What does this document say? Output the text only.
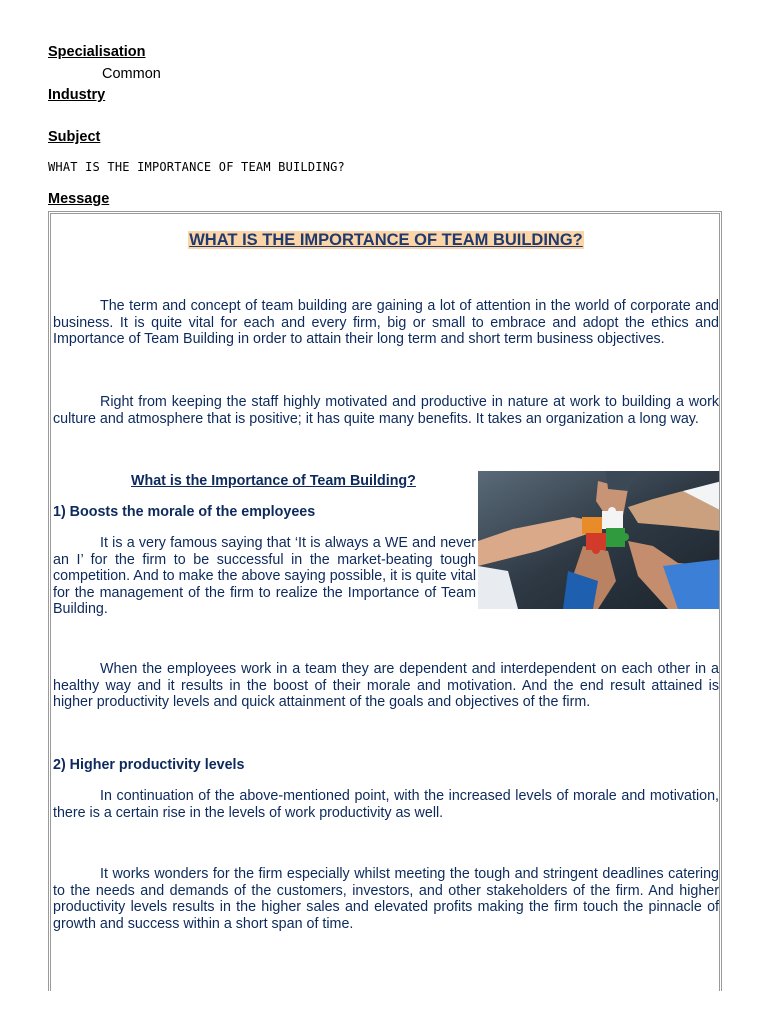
Specialisation
Common
Industry
Subject
WHAT IS THE IMPORTANCE OF TEAM BUILDING?
Message
WHAT IS THE IMPORTANCE OF TEAM BUILDING?

The term and concept of team building are gaining a lot of attention in the world of corporate and business. It is quite vital for each and every firm, big or small to embrace and adopt the ethics and Importance of Team Building in order to attain their long term and short term business objectives.

Right from keeping the staff highly motivated and productive in nature at work to building a work culture and atmosphere that is positive; it has quite many benefits. It takes an organization a long way.

What is the Importance of Team Building?

1) Boosts the morale of the employees

It is a very famous saying that ‘It is always a WE and never an I’ for the firm to be successful in the market-beating tough competition. And to make the above saying possible, it is quite vital for the management of the firm to realize the Importance of Team Building.

When the employees work in a team they are dependent and interdependent on each other in a healthy way and it results in the boost of their morale and motivation. And the end result attained is higher productivity levels and quick attainment of the goals and objectives of the firm.

2) Higher productivity levels

In continuation of the above-mentioned point, with the increased levels of morale and motivation, there is a certain rise in the levels of work productivity as well.

It works wonders for the firm especially whilst meeting the tough and stringent deadlines catering to the needs and demands of the customers, investors, and other stakeholders of the firm. And higher productivity levels results in the higher sales and elevated profits making the firm touch the pinnacle of growth and success within a short span of time.
